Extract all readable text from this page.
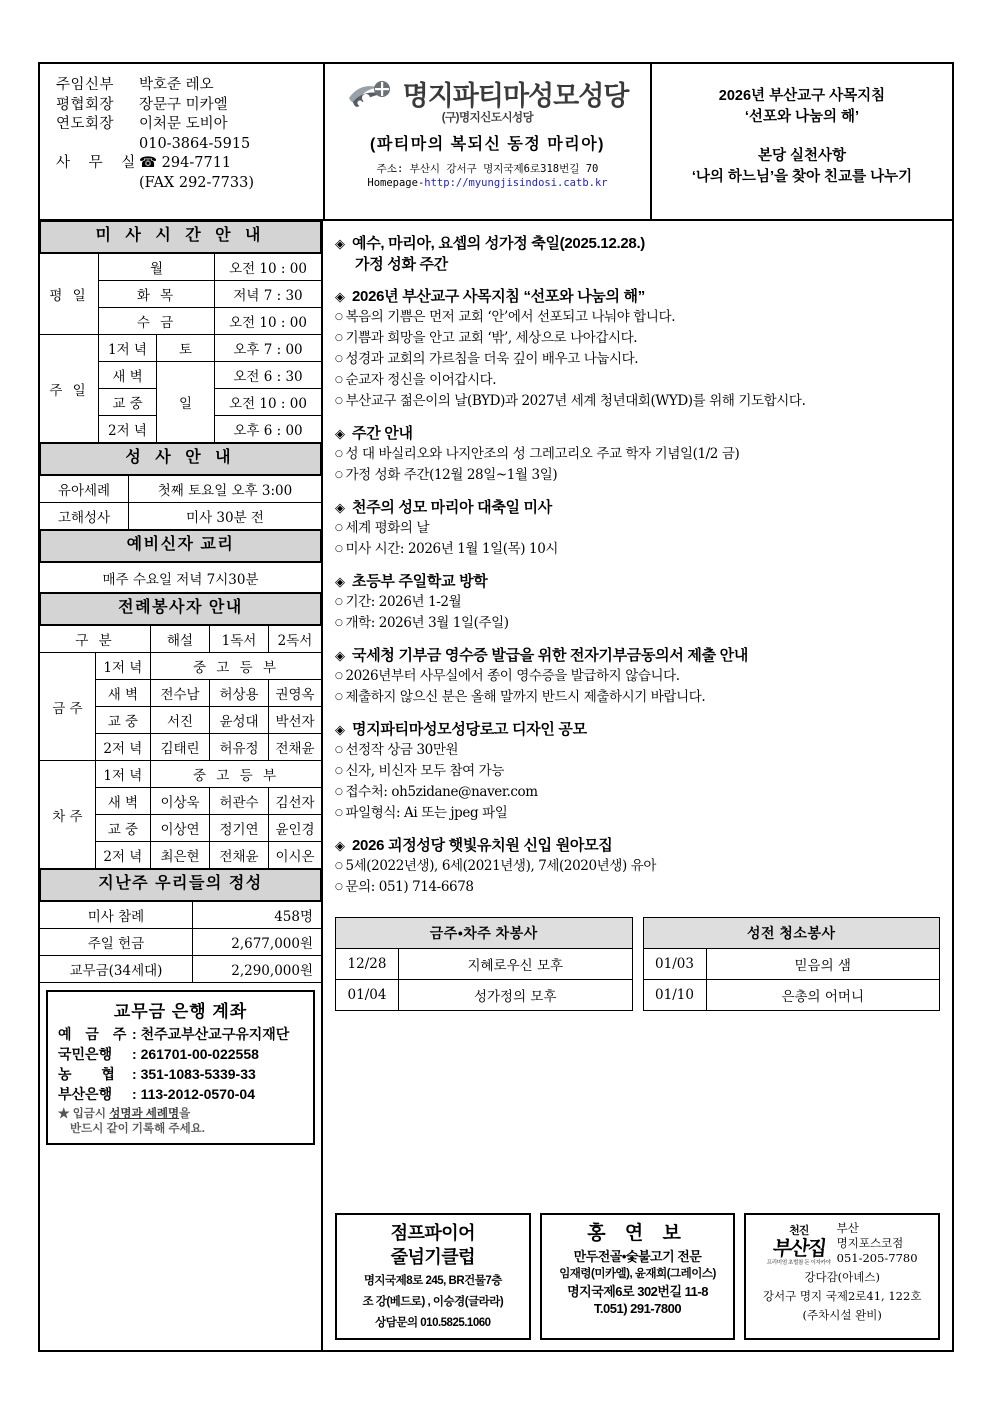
주임신부 박호준 레오
평협회장 장문구 미카엘
연도회장 이처문 도비아
010-3864-5915
사 무 실☎ 294-7711
(FAX 292-7733)
명지파티마성모성당
(구)명지신도시성당
(파티마의 복되신 동정 마리아)
주소: 부산시 강서구 명지국제6로318번길 70
Homepage-http://myungjisindosi.catb.kr
2026년 부산교구 사목지침
‘선포와 나눔의 해’
본당 실천사항
‘나의 하느님’을 찾아 친교를 나누기
미 사 시 간 안 내
평 일	월		오전 10 : 00
	화 목		저녁 7 : 30
	수 금		오전 10 : 00
주 일	1저 녁	토	오후 7 : 00
	새 벽	일	오전 6 : 30
	교 중		오전 10 : 00
	2저 녁		오후 6 : 00
성 사 안 내
유아세례	첫째 토요일 오후 3:00
고해성사	미사 30분 전
예비신자 교리
매주 수요일 저녁 7시30분
전례봉사자 안내
구 분		해설	1독서	2독서
금 주	1저 녁	중 고 등 부		
	새 벽	전수남	허상용	권영옥
	교 중	서진	윤성대	박선자
	2저 녁	김태린	허유정	전채윤
차 주	1저 녁	중 고 등 부		
	새 벽	이상욱	허관수	김선자
	교 중	이상연	정기연	윤인경
	2저 녁	최은현	전채윤	이시온
지난주 우리들의 정성
미사 참례	458명
주일 헌금	2,677,000원
교무금(34세대)	2,290,000원
교무금 은행 계좌
예 금 주: 천주교부산교구유지재단
국민은행 : 261701-00-022558
농 협 : 351-1083-5339-33
부산은행 : 113-2012-0570-04
★ 입금시 성명과 세례명을
반드시 같이 기록해 주세요.
◈ 예수, 마리아, 요셉의 성가정 축일(2025.12.28.)
가정 성화 주간
◈ 2026년 부산교구 사목지침 “선포와 나눔의 해”
○ 복음의 기쁨은 먼저 교회 ‘안’에서 선포되고 나눠야 합니다.
○ 기쁨과 희망을 안고 교회 ‘밖’, 세상으로 나아갑시다.
○ 성경과 교회의 가르침을 더욱 깊이 배우고 나눕시다.
○ 순교자 정신을 이어갑시다.
○ 부산교구 젊은이의 날(BYD)과 2027년 세계 청년대회(WYD)를 위해 기도합시다.
◈ 주간 안내
○ 성 대 바실리오와 나지안조의 성 그레고리오 주교 학자 기념일(1/2 금)
○ 가정 성화 주간(12월 28일~1월 3일)
◈ 천주의 성모 마리아 대축일 미사
○ 세계 평화의 날
○ 미사 시간: 2026년 1월 1일(목) 10시
◈ 초등부 주일학교 방학
○ 기간: 2026년 1-2월
○ 개학: 2026년 3월 1일(주일)
◈ 국세청 기부금 영수증 발급을 위한 전자기부금동의서 제출 안내
○ 2026년부터 사무실에서 종이 영수증을 발급하지 않습니다.
○ 제출하지 않으신 분은 올해 말까지 반드시 제출하시기 바랍니다.
◈ 명지파티마성모성당로고 디자인 공모
○ 선정작 상금 30만원
○ 신자, 비신자 모두 참여 가능
○ 접수처: oh5zidane@naver.com
○ 파일형식: Ai 또는 jpeg 파일
◈ 2026 괴정성당 햇빛유치원 신입 원아모집
○ 5세(2022년생), 6세(2021년생), 7세(2020년생) 유아
○ 문의: 051) 714-6678
금주•차주 차봉사	
12/28	지혜로우신 모후
01/04	성가정의 모후
성전 청소봉사	
01/03	믿음의 샘
01/10	은총의 어머니
점프파이어
줄넘기클럽
명지국제8로 245, BR건물7층
조 강(베드로) , 이승경(글라라)
상담문의 010.5825.1060
홍 연 보
만두전골•숯불고기 전문
임재령(미카엘), 윤재희(그레이스)
명지국제6로 302번길 11-8
T.051) 291-7800
천진
부산집
프리미엄 초벌참 돈 이자카야
부산
명지포스코점
051-205-7780
강다감(아녜스)
강서구 명지 국제2로41, 122호
(주차시설 완비)
